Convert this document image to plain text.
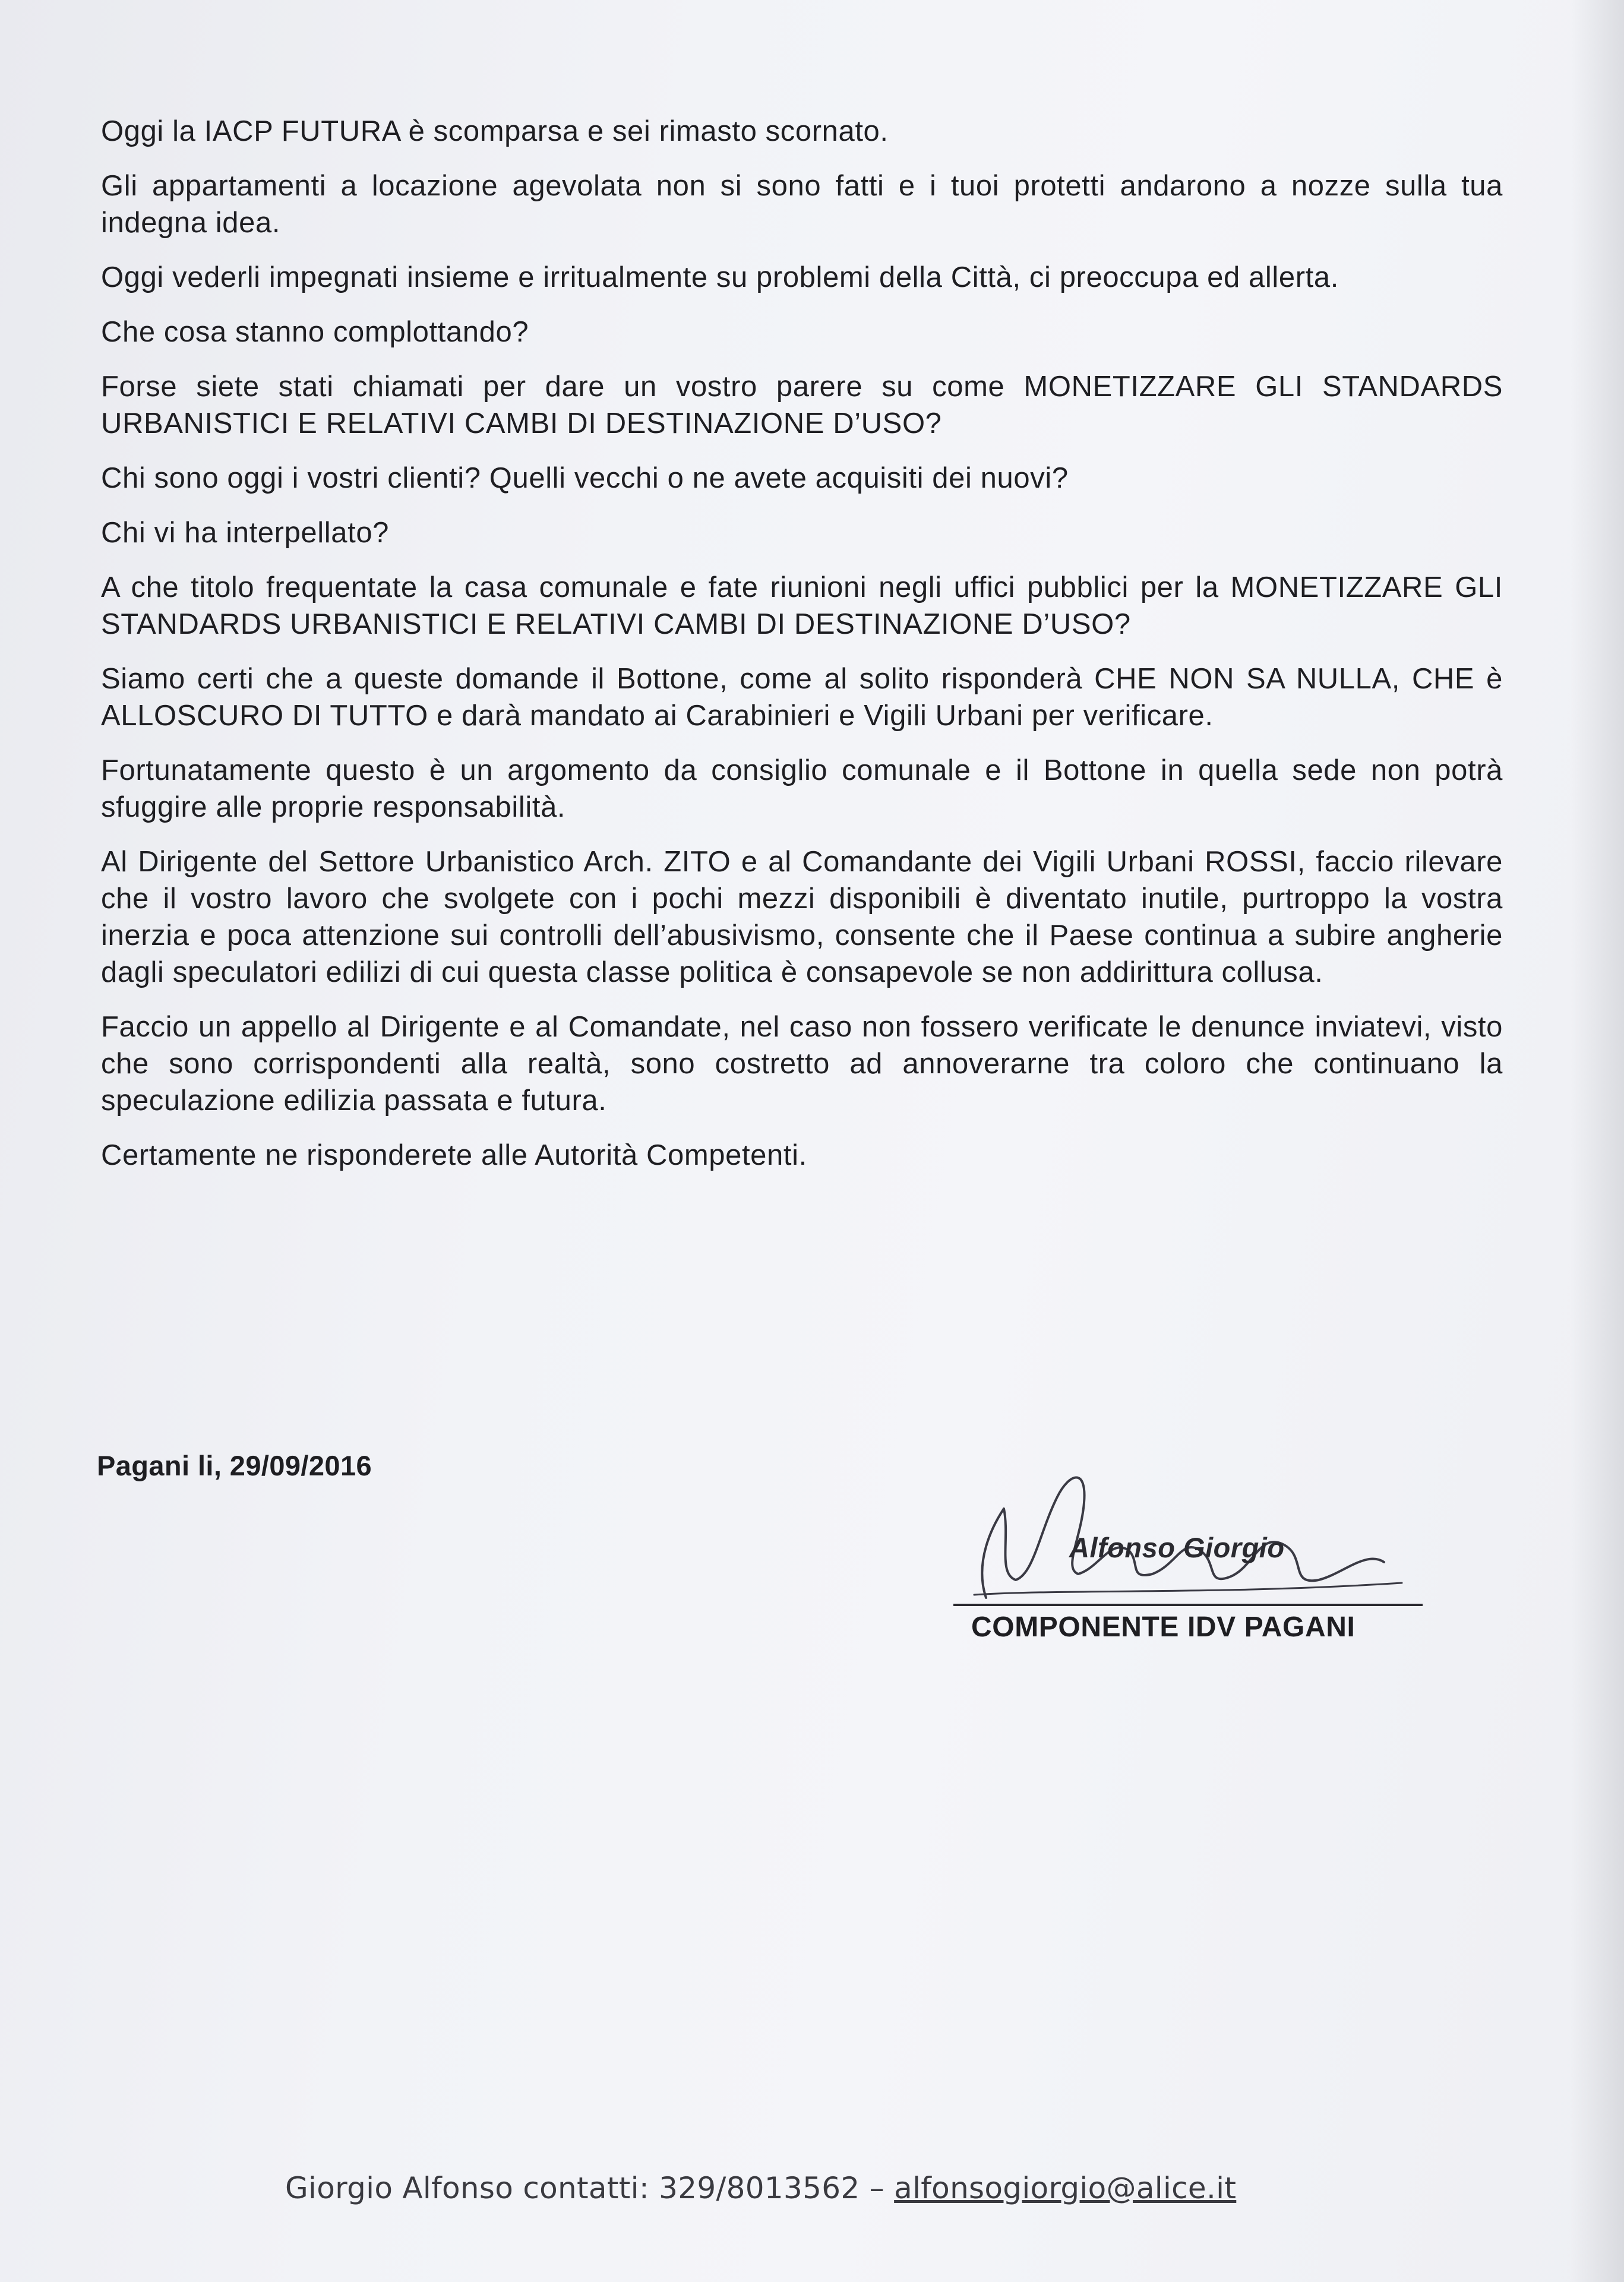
Oggi la IACP FUTURA è scomparsa e sei rimasto scornato.

Gli appartamenti a locazione agevolata non si sono fatti e i tuoi protetti andarono a nozze sulla tua indegna idea.

Oggi vederli impegnati insieme e irritualmente su problemi della Città, ci preoccupa ed allerta.

Che cosa stanno complottando?

Forse siete stati chiamati per dare un vostro parere su come MONETIZZARE GLI STANDARDS URBANISTICI E RELATIVI CAMBI DI DESTINAZIONE D’USO?

Chi sono oggi i vostri clienti? Quelli vecchi o ne avete acquisiti dei nuovi?

Chi vi ha interpellato?

A che titolo frequentate la casa comunale e fate riunioni negli uffici pubblici per la MONETIZZARE GLI STANDARDS URBANISTICI E RELATIVI CAMBI DI DESTINAZIONE D’USO?

Siamo certi che a queste domande il Bottone, come al solito risponderà CHE NON SA NULLA, CHE è ALLOSCURO DI TUTTO e darà mandato ai Carabinieri e Vigili Urbani per verificare.

Fortunatamente questo è un argomento da consiglio comunale e il Bottone in quella sede non potrà sfuggire alle proprie responsabilità.

Al Dirigente del Settore Urbanistico Arch. ZITO e al Comandante dei Vigili Urbani ROSSI, faccio rilevare che il vostro lavoro che svolgete con i pochi mezzi disponibili è diventato inutile, purtroppo la vostra inerzia e poca attenzione sui controlli dell’abusivismo, consente che il Paese continua a subire angherie dagli speculatori edilizi di cui questa classe politica è consapevole se non addirittura collusa.

Faccio un appello al Dirigente e al Comandate, nel caso non fossero verificate le denunce inviatevi, visto che sono corrispondenti alla realtà, sono costretto ad annoverarne tra coloro che continuano la speculazione edilizia passata e futura.

Certamente ne risponderete alle Autorità Competenti.

Pagani li, 29/09/2016
Alfonso Giorgio
COMPONENTE IDV PAGANI
Giorgio Alfonso contatti: 329/8013562 – alfonsogiorgio@alice.it
